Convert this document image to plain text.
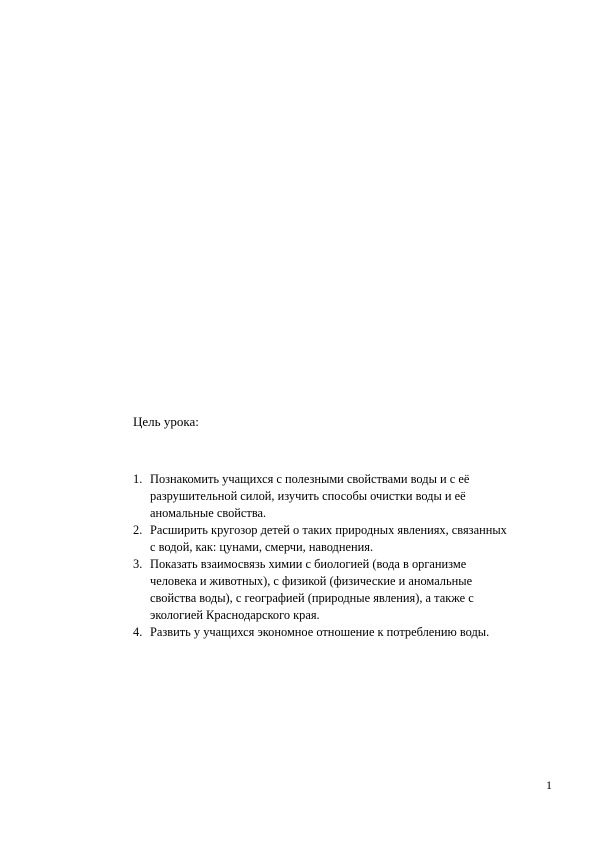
Цель урока:
1. Познакомить учащихся с полезными свойствами воды и с её
разрушительной силой, изучить способы очистки воды и её
аномальные свойства.
2. Расширить кругозор детей о таких природных явлениях, связанных
с водой, как: цунами, смерчи, наводнения.
3. Показать взаимосвязь химии с биологией (вода в организме
человека и животных), с физикой (физические и аномальные
свойства воды), с географией (природные явления), а также с
экологией Краснодарского края.
4. Развить у учащихся экономное отношение к потреблению воды.
1
